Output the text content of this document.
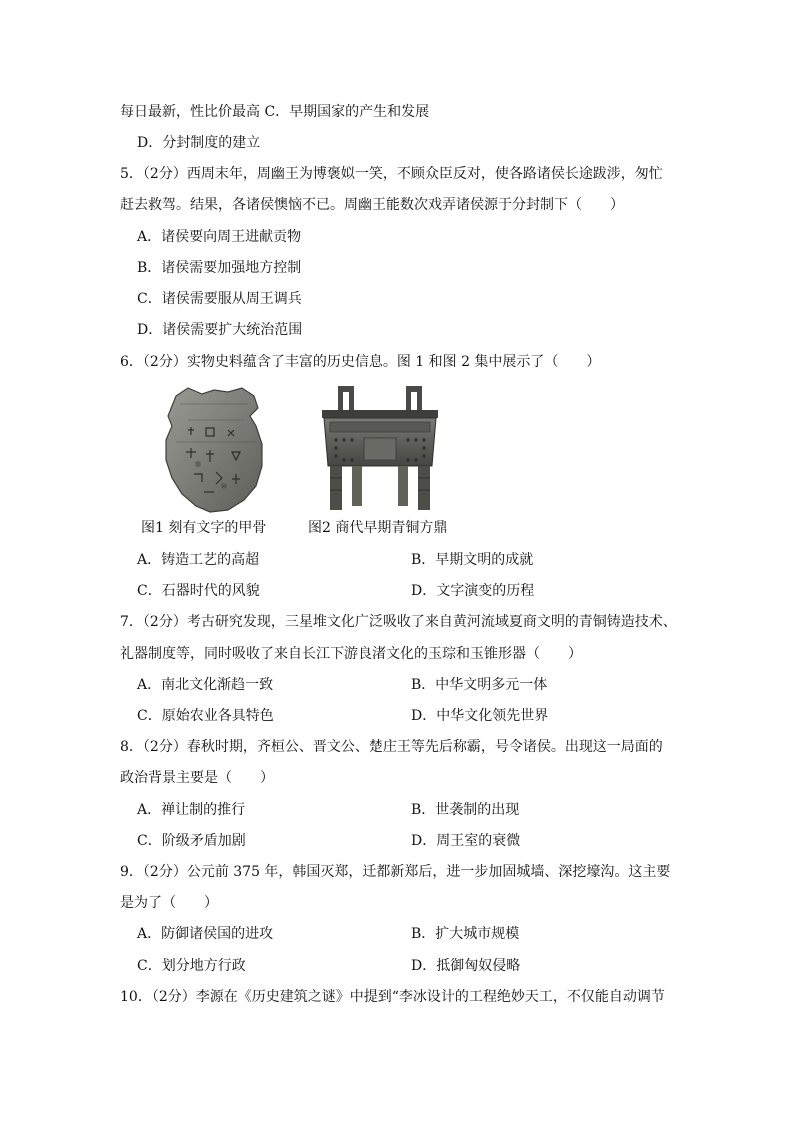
每日最新，性比价最高 C．早期国家的产生和发展
D．分封制度的建立
5．（2分）西周末年，周幽王为博褒姒一笑，不顾众臣反对，使各路诸侯长途跋涉，匆忙
赶去救驾。结果，各诸侯懊恼不已。周幽王能数次戏弄诸侯源于分封制下（　　）
A．诸侯要向周王进献贡物
B．诸侯需要加强地方控制
C．诸侯需要服从周王调兵
D．诸侯需要扩大统治范围
6．（2分）实物史料蕴含了丰富的历史信息。图 1 和图 2 集中展示了（　　）
图1 刻有文字的甲骨	图2 商代早期青铜方鼎
A．铸造工艺的高超	B．早期文明的成就
C．石器时代的风貌	D．文字演变的历程
7．（2分）考古研究发现，三星堆文化广泛吸收了来自黄河流域夏商文明的青铜铸造技术、
礼器制度等，同时吸收了来自长江下游良渚文化的玉琮和玉锥形器（　　）
A．南北文化渐趋一致	B．中华文明多元一体
C．原始农业各具特色	D．中华文化领先世界
8．（2分）春秋时期，齐桓公、晋文公、楚庄王等先后称霸，号令诸侯。出现这一局面的
政治背景主要是（　　）
A．禅让制的推行	B．世袭制的出现
C．阶级矛盾加剧	D．周王室的衰微
9．（2分）公元前 375 年，韩国灭郑，迁都新郑后，进一步加固城墙、深挖壕沟。这主要
是为了（　　）
A．防御诸侯国的进攻	B．扩大城市规模
C．划分地方行政	D．抵御匈奴侵略
10．（2分）李源在《历史建筑之谜》中提到“李冰设计的工程绝妙天工，不仅能自动调节
